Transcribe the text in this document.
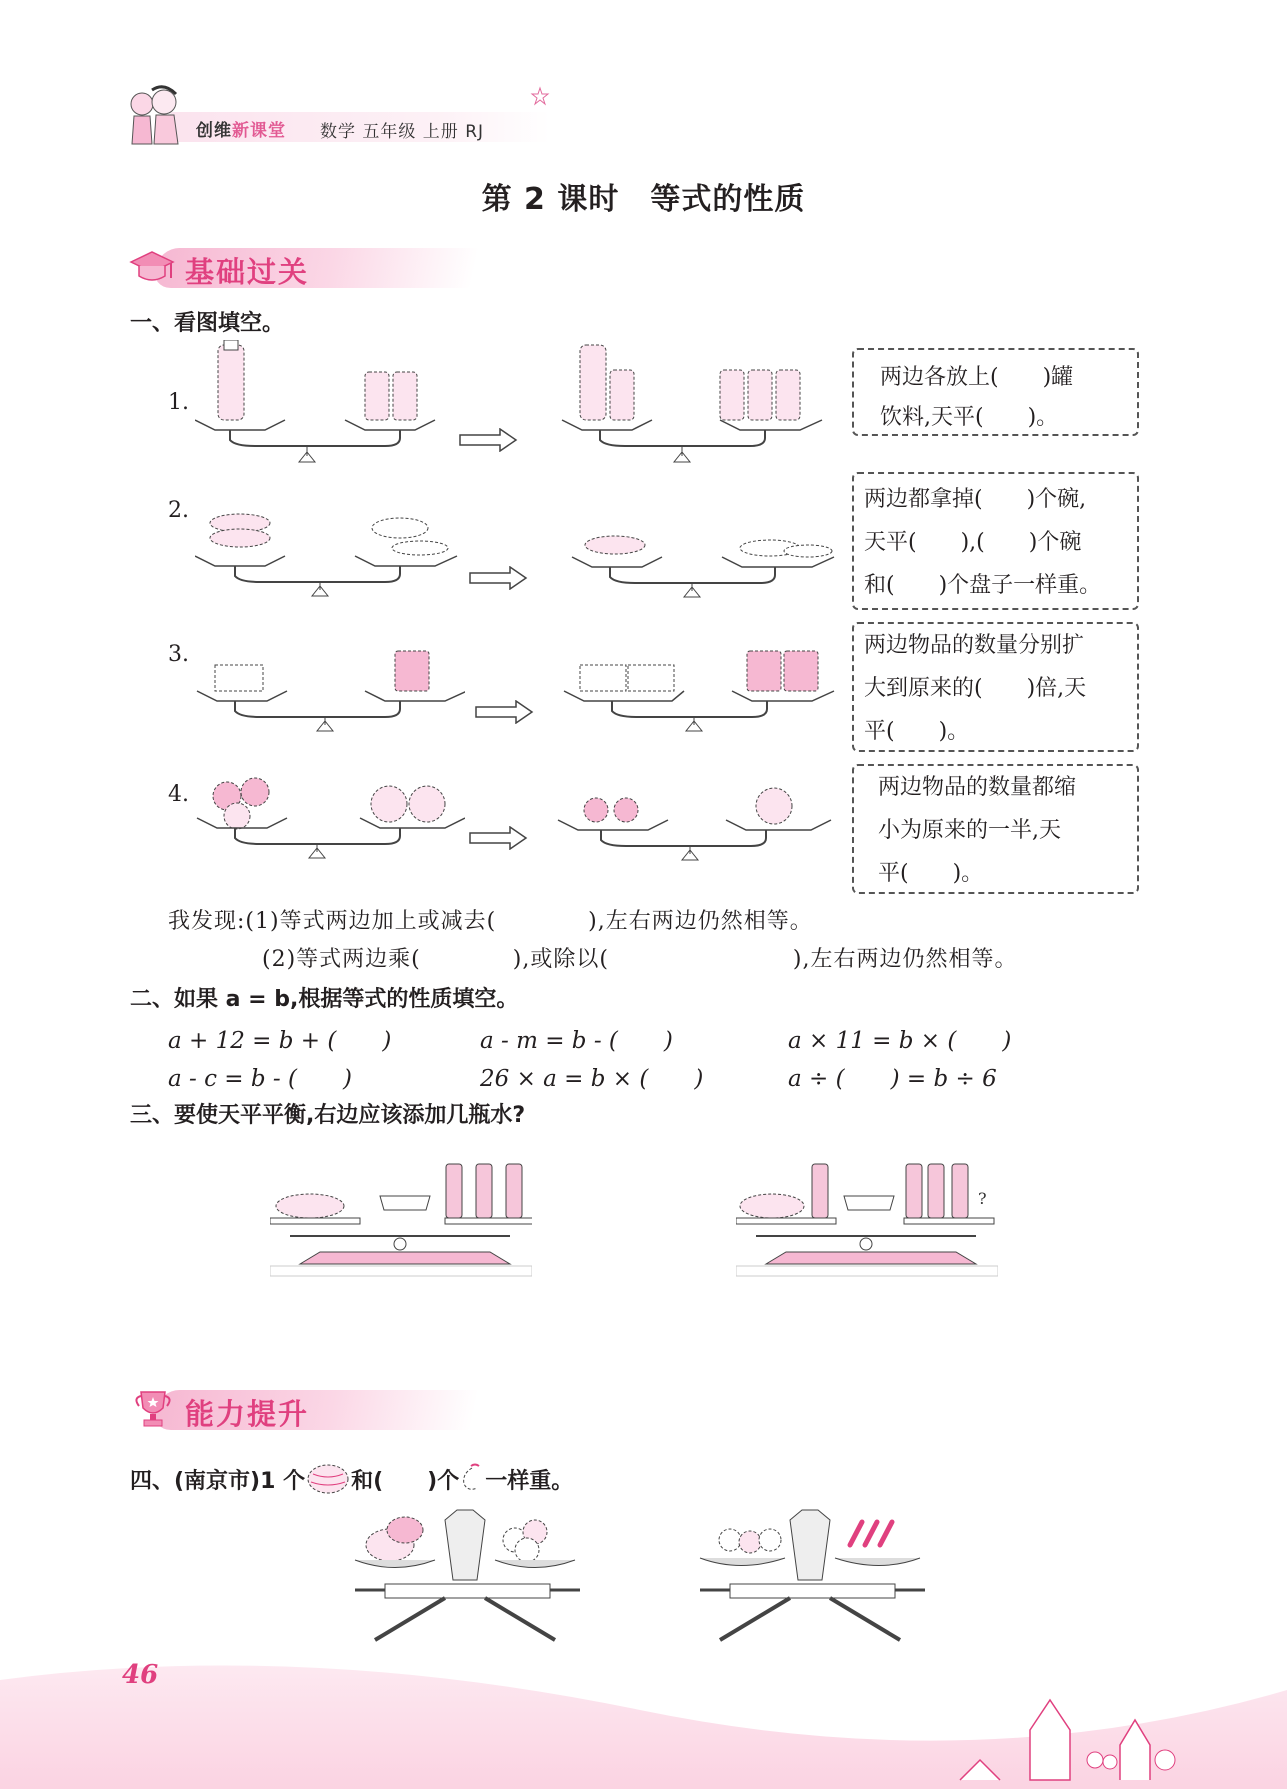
创维新课堂 数学 五年级 上册 RJ
第 2 课时　等式的性质
基础过关
一、看图填空。
1.
两边各放上(　　)罐
饮料,天平(　　)。
2.	两边都拿掉(　　)个碗,
天平(　　),(　　)个碗
和(　　)个盘子一样重。
3.	两边物品的数量分别扩
大到原来的(　　)倍,天
平(　　)。
4.	两边物品的数量都缩
小为原来的一半,天
平(　　)。
我发现:(1)等式两边加上或减去(　　　　),左右两边仍然相等。
(2)等式两边乘(　　　　),或除以(　　　　　　　　),左右两边仍然相等。
二、如果 a = b,根据等式的性质填空。
a + 12 = b + (　　)	a - m = b - (　　)	a × 11 = b × (　　)
a - c = b - (　　)	26 × a = b × (　　)	a ÷ (　　) = b ÷ 6
三、要使天平平衡,右边应该添加几瓶水?
?
能力提升
四、(南京市)1 个 和(　　)个 一样重。
46
